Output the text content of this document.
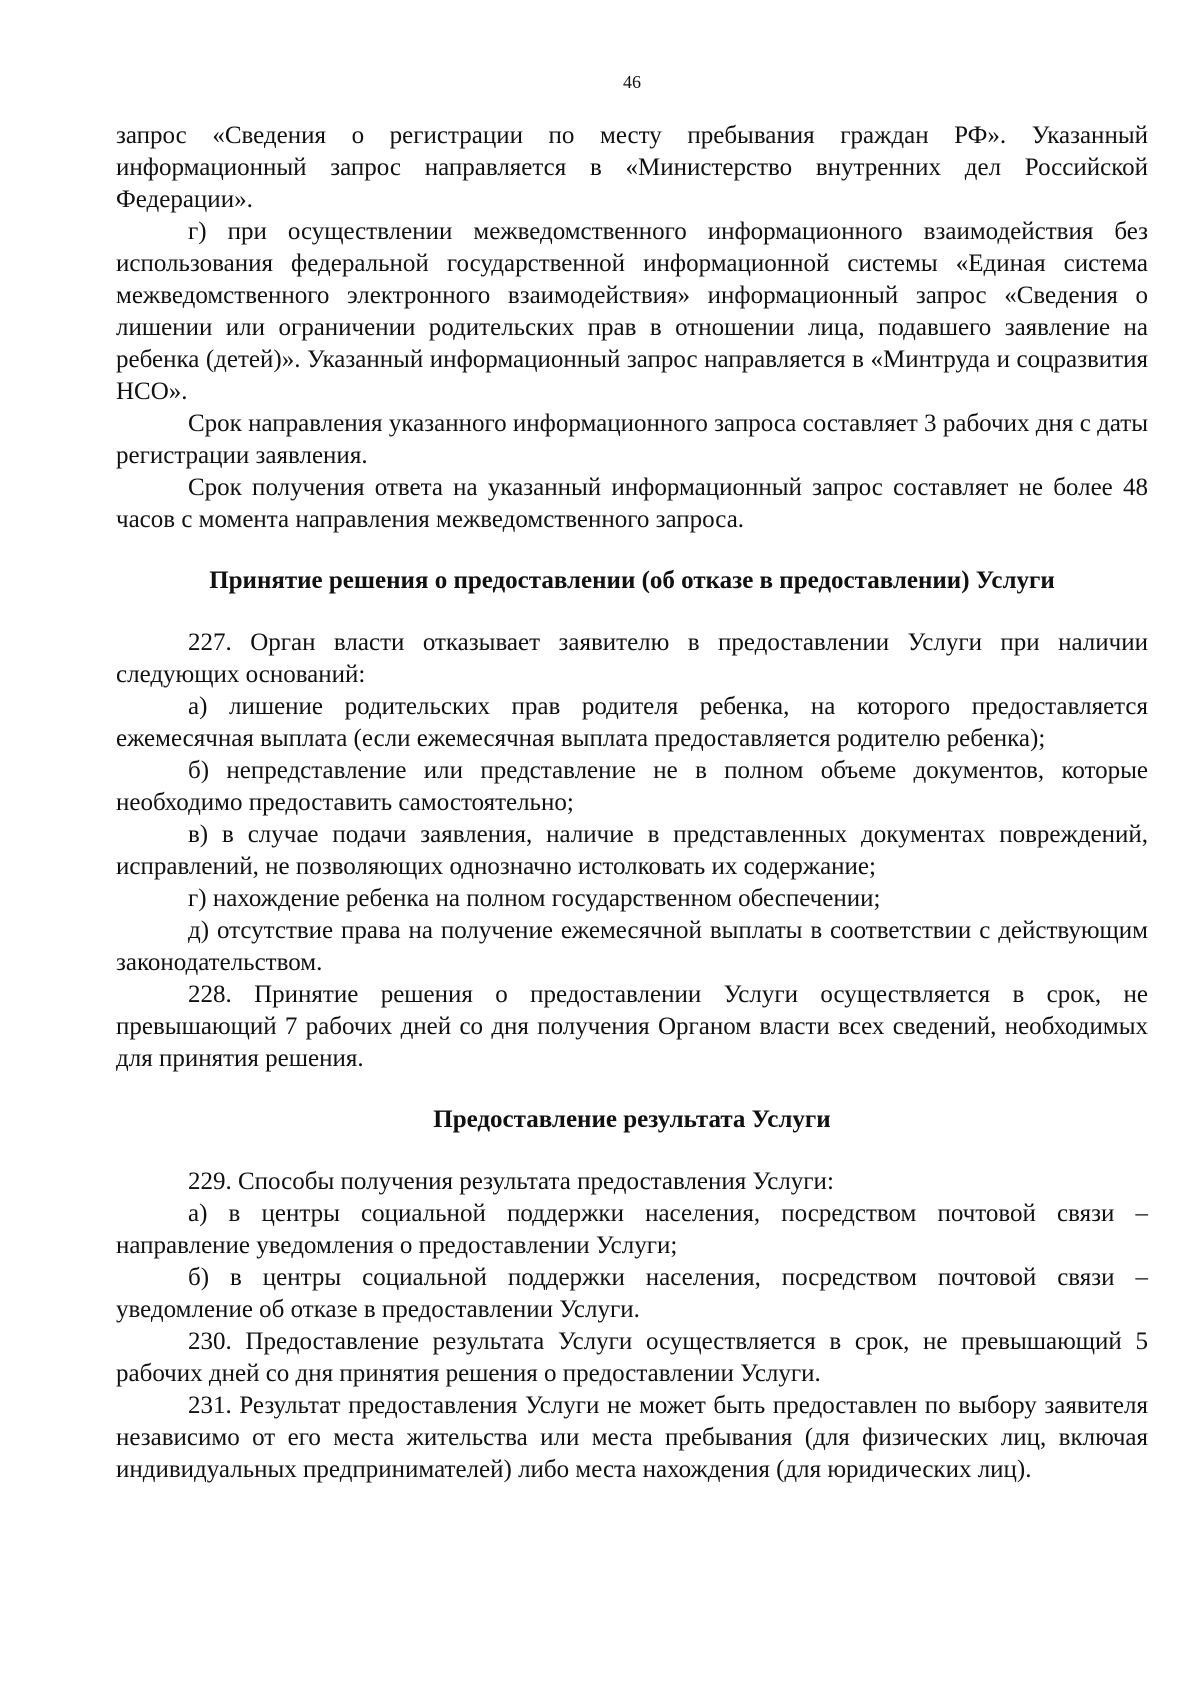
46

запрос «Сведения о регистрации по месту пребывания граждан РФ». Указанный информационный запрос направляется в «Министерство внутренних дел Российской Федерации».

г) при осуществлении межведомственного информационного взаимодействия без использования федеральной государственной информационной системы «Единая система межведомственного электронного взаимодействия» информационный запрос «Сведения о лишении или ограничении родительских прав в отношении лица, подавшего заявление на ребенка (детей)». Указанный информационный запрос направляется в «Минтруда и соцразвития НСО».

Срок направления указанного информационного запроса составляет 3 рабочих дня с даты регистрации заявления.

Срок получения ответа на указанный информационный запрос составляет не более 48 часов с момента направления межведомственного запроса.

Принятие решения о предоставлении (об отказе в предоставлении) Услуги

227. Орган власти отказывает заявителю в предоставлении Услуги при наличии следующих оснований:

а) лишение родительских прав родителя ребенка, на которого предоставляется ежемесячная выплата (если ежемесячная выплата предоставляется родителю ребенка);

б) непредставление или представление не в полном объеме документов, которые необходимо предоставить самостоятельно;

в) в случае подачи заявления, наличие в представленных документах повреждений, исправлений, не позволяющих однозначно истолковать их содержание;

г) нахождение ребенка на полном государственном обеспечении;

д) отсутствие права на получение ежемесячной выплаты в соответствии с действующим законодательством.

228. Принятие решения о предоставлении Услуги осуществляется в срок, не превышающий 7 рабочих дней со дня получения Органом власти всех сведений, необходимых для принятия решения.

Предоставление результата Услуги

229. Способы получения результата предоставления Услуги:

а) в центры социальной поддержки населения, посредством почтовой связи – направление уведомления о предоставлении Услуги;

б) в центры социальной поддержки населения, посредством почтовой связи – уведомление об отказе в предоставлении Услуги.

230. Предоставление результата Услуги осуществляется в срок, не превышающий 5 рабочих дней со дня принятия решения о предоставлении Услуги.

231. Результат предоставления Услуги не может быть предоставлен по выбору заявителя независимо от его места жительства или места пребывания (для физических лиц, включая индивидуальных предпринимателей) либо места нахождения (для юридических лиц).
